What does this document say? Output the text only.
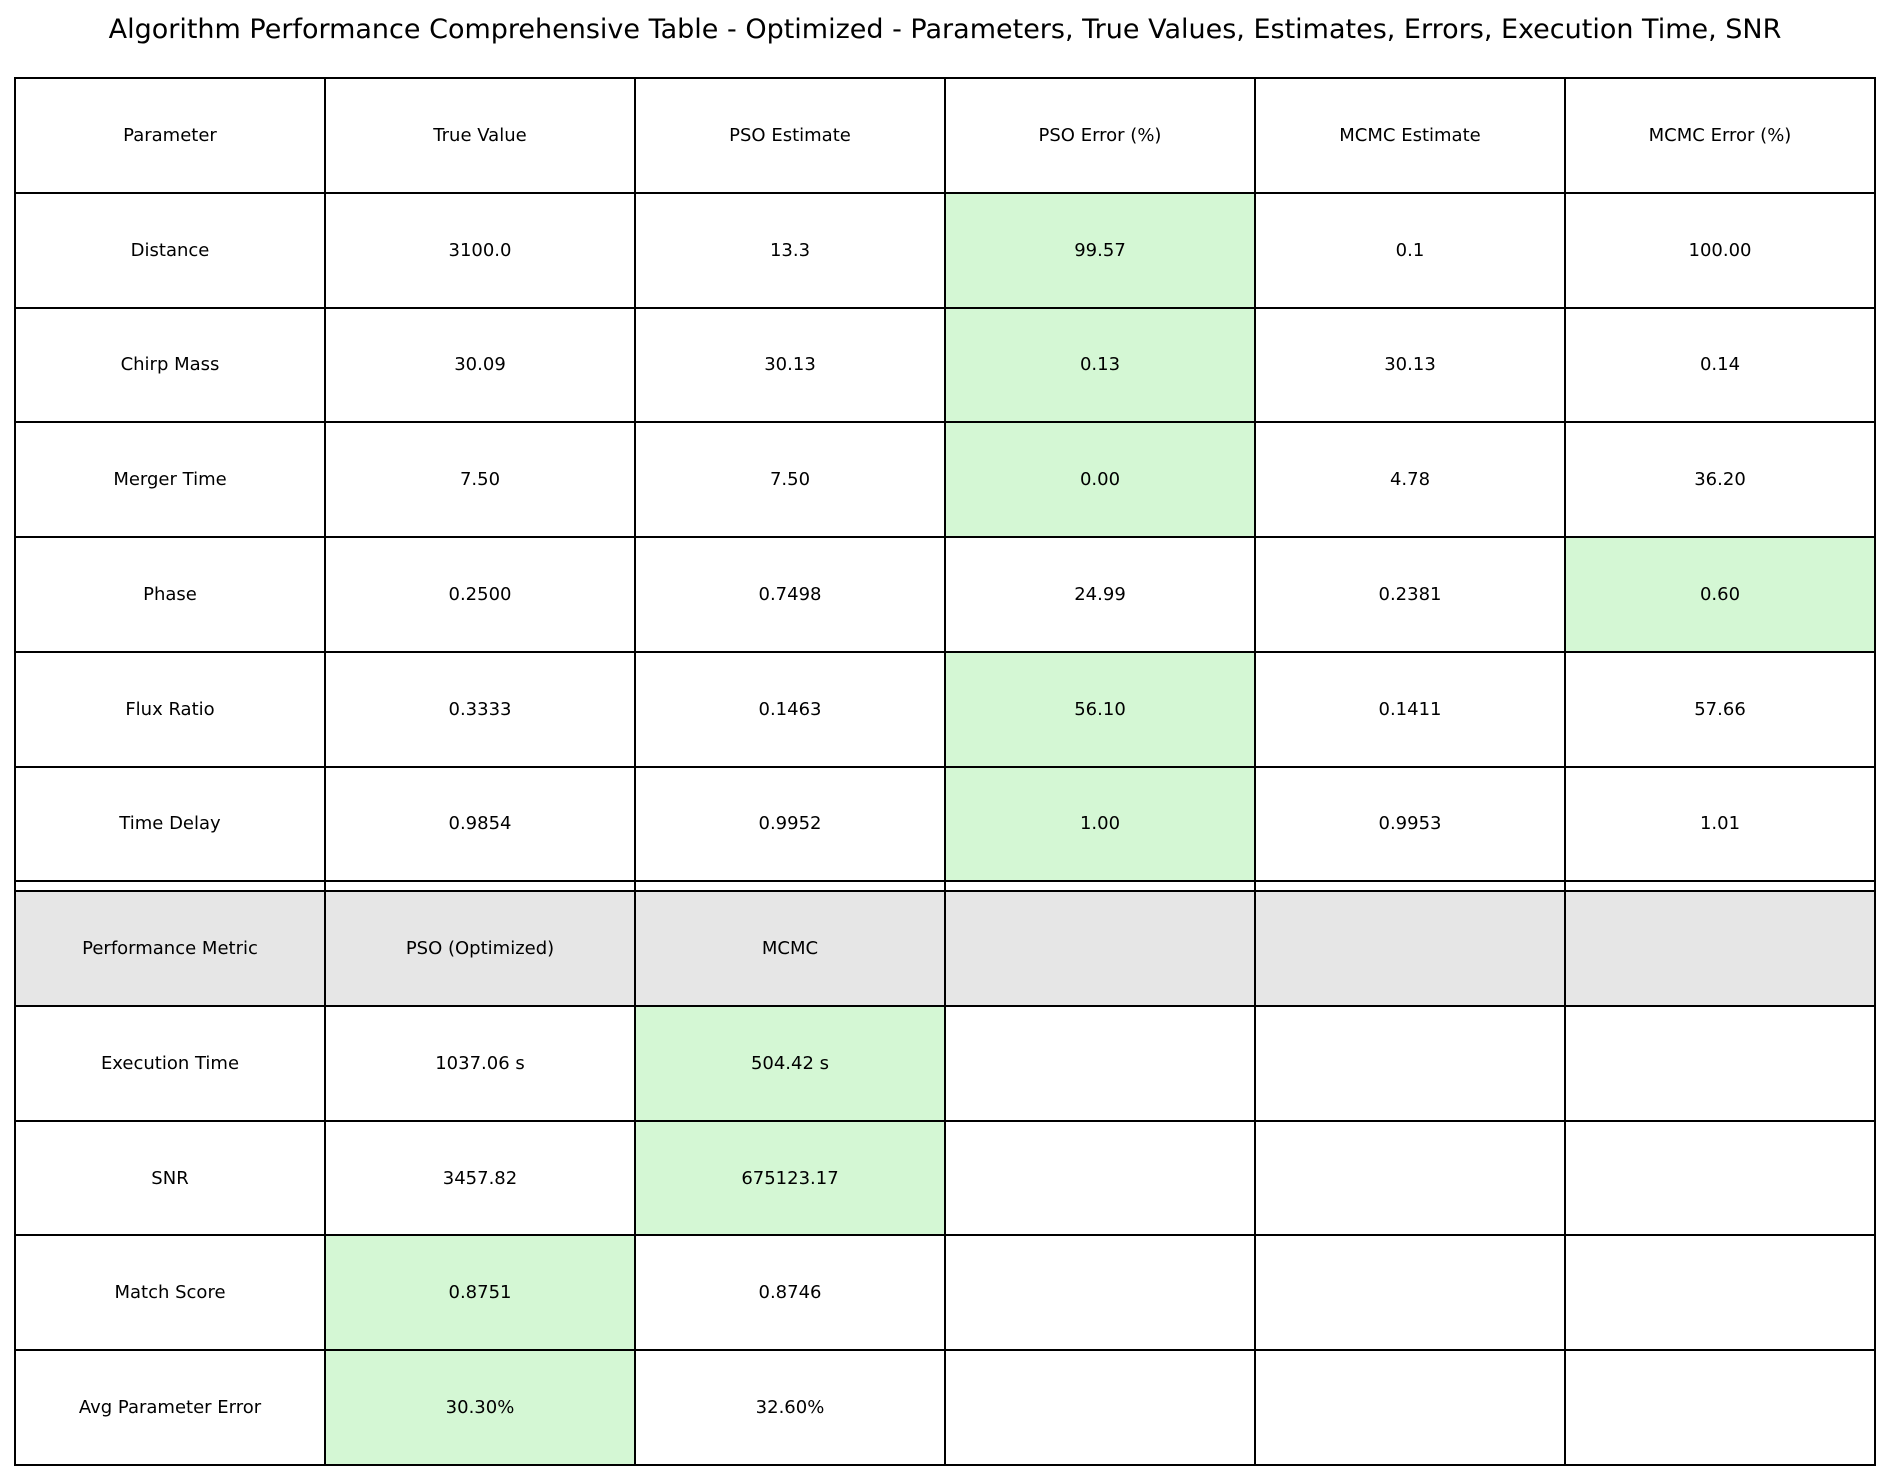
Algorithm Performance Comprehensive Table - Optimized - Parameters, True Values, Estimates, Errors, Execution Time, SNR
Parameter	True Value	PSO Estimate	PSO Error (%)	MCMC Estimate	MCMC Error (%)
Distance	3100.0	13.3	99.57	0.1	100.00
Chirp Mass	30.09	30.13	0.13	30.13	0.14
Merger Time	7.50	7.50	0.00	4.78	36.20
Phase	0.2500	0.7498	24.99	0.2381	0.60
Flux Ratio	0.3333	0.1463	56.10	0.1411	57.66
Time Delay	0.9854	0.9952	1.00	0.9953	1.01

Performance Metric	PSO (Optimized)	MCMC			
Execution Time	1037.06 s	504.42 s			
SNR	3457.82	675123.17			
Match Score	0.8751	0.8746			
Avg Parameter Error	30.30%	32.60%			
